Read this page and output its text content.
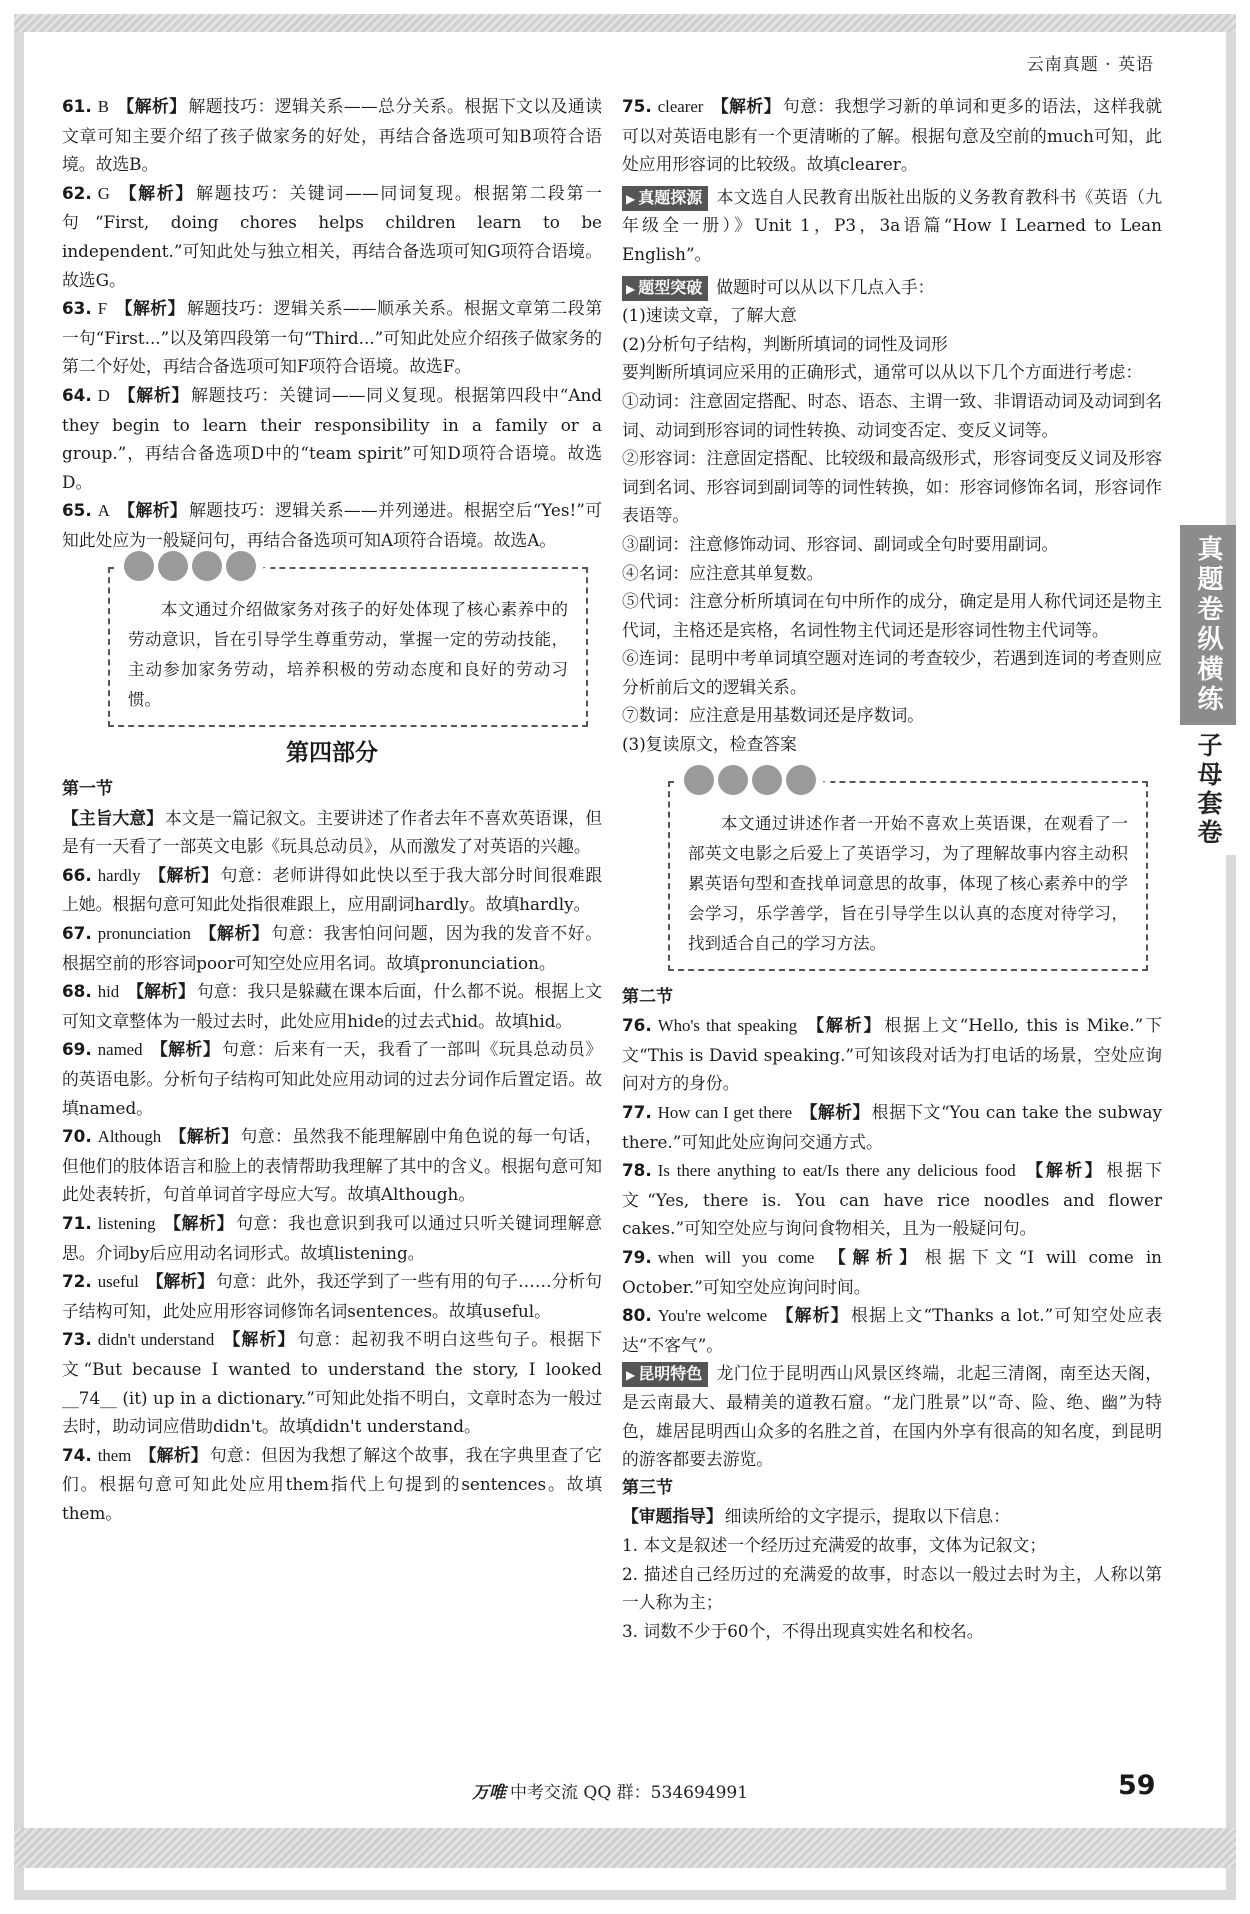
云南真题 · 英语
真题卷纵横练
子母套卷
61. B 【解析】 解题技巧：逻辑关系——总分关系。根据下文以及通读文章可知主要介绍了孩子做家务的好处，再结合备选项可知B项符合语境。故选B。
62. G 【解析】 解题技巧：关键词——同词复现。根据第二段第一句“First, doing chores helps children learn to be independent.”可知此处与独立相关，再结合备选项可知G项符合语境。故选G。
63. F 【解析】 解题技巧：逻辑关系——顺承关系。根据文章第二段第一句“First...”以及第四段第一句“Third...”可知此处应介绍孩子做家务的第二个好处，再结合备选项可知F项符合语境。故选F。
64. D 【解析】 解题技巧：关键词——同义复现。根据第四段中“And they begin to learn their responsibility in a family or a group.”，再结合备选项D中的“team spirit”可知D项符合语境。故选D。
65. A 【解析】 解题技巧：逻辑关系——并列递进。根据空后“Yes!”可知此处应为一般疑问句，再结合备选项可知A项符合语境。故选A。
评
本文通过介绍做家务对孩子的好处体现了核心素养中的劳动意识，旨在引导学生尊重劳动，掌握一定的劳动技能，主动参加家务劳动，培养积极的劳动态度和良好的劳动习惯。
第四部分
第一节
【主旨大意】 本文是一篇记叙文。主要讲述了作者去年不喜欢英语课，但是有一天看了一部英文电影《玩具总动员》，从而激发了对英语的兴趣。
66. hardly 【解析】 句意：老师讲得如此快以至于我大部分时间很难跟上她。根据句意可知此处指很难跟上，应用副词hardly。故填hardly。
67. pronunciation 【解析】 句意：我害怕问问题，因为我的发音不好。根据空前的形容词poor可知空处应用名词。故填pronunciation。
68. hid 【解析】 句意：我只是躲藏在课本后面，什么都不说。根据上文可知文章整体为一般过去时，此处应用hide的过去式hid。故填hid。
69. named 【解析】 句意：后来有一天，我看了一部叫《玩具总动员》的英语电影。分析句子结构可知此处应用动词的过去分词作后置定语。故填named。
70. Although 【解析】 句意：虽然我不能理解剧中角色说的每一句话，但他们的肢体语言和脸上的表情帮助我理解了其中的含义。根据句意可知此处表转折，句首单词首字母应大写。故填Although。
71. listening 【解析】 句意：我也意识到我可以通过只听关键词理解意思。介词by后应用动名词形式。故填listening。
72. useful 【解析】 句意：此外，我还学到了一些有用的句子……分析句子结构可知，此处应用形容词修饰名词sentences。故填useful。
73. didn't understand 【解析】 句意：起初我不明白这些句子。根据下文“But because I wanted to understand the story, I looked __74__ (it) up in a dictionary.”可知此处指不明白，文章时态为一般过去时，助动词应借助didn't。故填didn't understand。
74. them 【解析】 句意：但因为我想了解这个故事，我在字典里查了它们。根据句意可知此处应用them指代上句提到的sentences。故填them。
75. clearer 【解析】 句意：我想学习新的单词和更多的语法，这样我就可以对英语电影有一个更清晰的了解。根据句意及空前的much可知，此处应用形容词的比较级。故填clearer。
▶ 真题探源 本文选自人民教育出版社出版的义务教育教科书《英语（九年级全一册）》Unit 1，P3，3a语篇“How I Learned to Lean English”。
▶ 题型突破 做题时可以从以下几点入手：
(1)速读文章，了解大意
(2)分析句子结构，判断所填词的词性及词形
要判断所填词应采用的正确形式，通常可以从以下几个方面进行考虑：
①动词：注意固定搭配、时态、语态、主谓一致、非谓语动词及动词到名词、动词到形容词的词性转换、动词变否定、变反义词等。
②形容词：注意固定搭配、比较级和最高级形式，形容词变反义词及形容词到名词、形容词到副词等的词性转换，如：形容词修饰名词，形容词作表语等。
③副词：注意修饰动词、形容词、副词或全句时要用副词。
④名词：应注意其单复数。
⑤代词：注意分析所填词在句中所作的成分，确定是用人称代词还是物主代词，主格还是宾格，名词性物主代词还是形容词性物主代词等。
⑥连词：昆明中考单词填空题对连词的考查较少，若遇到连词的考查则应分析前后文的逻辑关系。
⑦数词：应注意是用基数词还是序数词。
(3)复读原文，检查答案
评
本文通过讲述作者一开始不喜欢上英语课，在观看了一部英文电影之后爱上了英语学习，为了理解故事内容主动积累英语句型和查找单词意思的故事，体现了核心素养中的学会学习，乐学善学，旨在引导学生以认真的态度对待学习，找到适合自己的学习方法。
第二节
76. Who's that speaking 【解析】 根据上文“Hello, this is Mike.”下文“This is David speaking.”可知该段对话为打电话的场景，空处应询问对方的身份。
77. How can I get there 【解析】 根据下文“You can take the subway there.”可知此处应询问交通方式。
78. Is there anything to eat/Is there any delicious food 【解析】 根据下文“Yes, there is. You can have rice noodles and flower cakes.”可知空处应与询问食物相关，且为一般疑问句。
79. when will you come 【解析】 根据下文“I will come in October.”可知空处应询问时间。
80. You're welcome 【解析】 根据上文“Thanks a lot.”可知空处应表达“不客气”。
▶ 昆明特色 龙门位于昆明西山风景区终端，北起三清阁，南至达天阁，是云南最大、最精美的道教石窟。“龙门胜景”以“奇、险、绝、幽”为特色，雄居昆明西山众多的名胜之首，在国内外享有很高的知名度，到昆明的游客都要去游览。
第三节
【审题指导】 细读所给的文字提示，提取以下信息：
1. 本文是叙述一个经历过充满爱的故事，文体为记叙文；
2. 描述自己经历过的充满爱的故事，时态以一般过去时为主，人称以第一人称为主；
3. 词数不少于60个，不得出现真实姓名和校名。
万唯 中考交流 QQ 群：534694991	59
